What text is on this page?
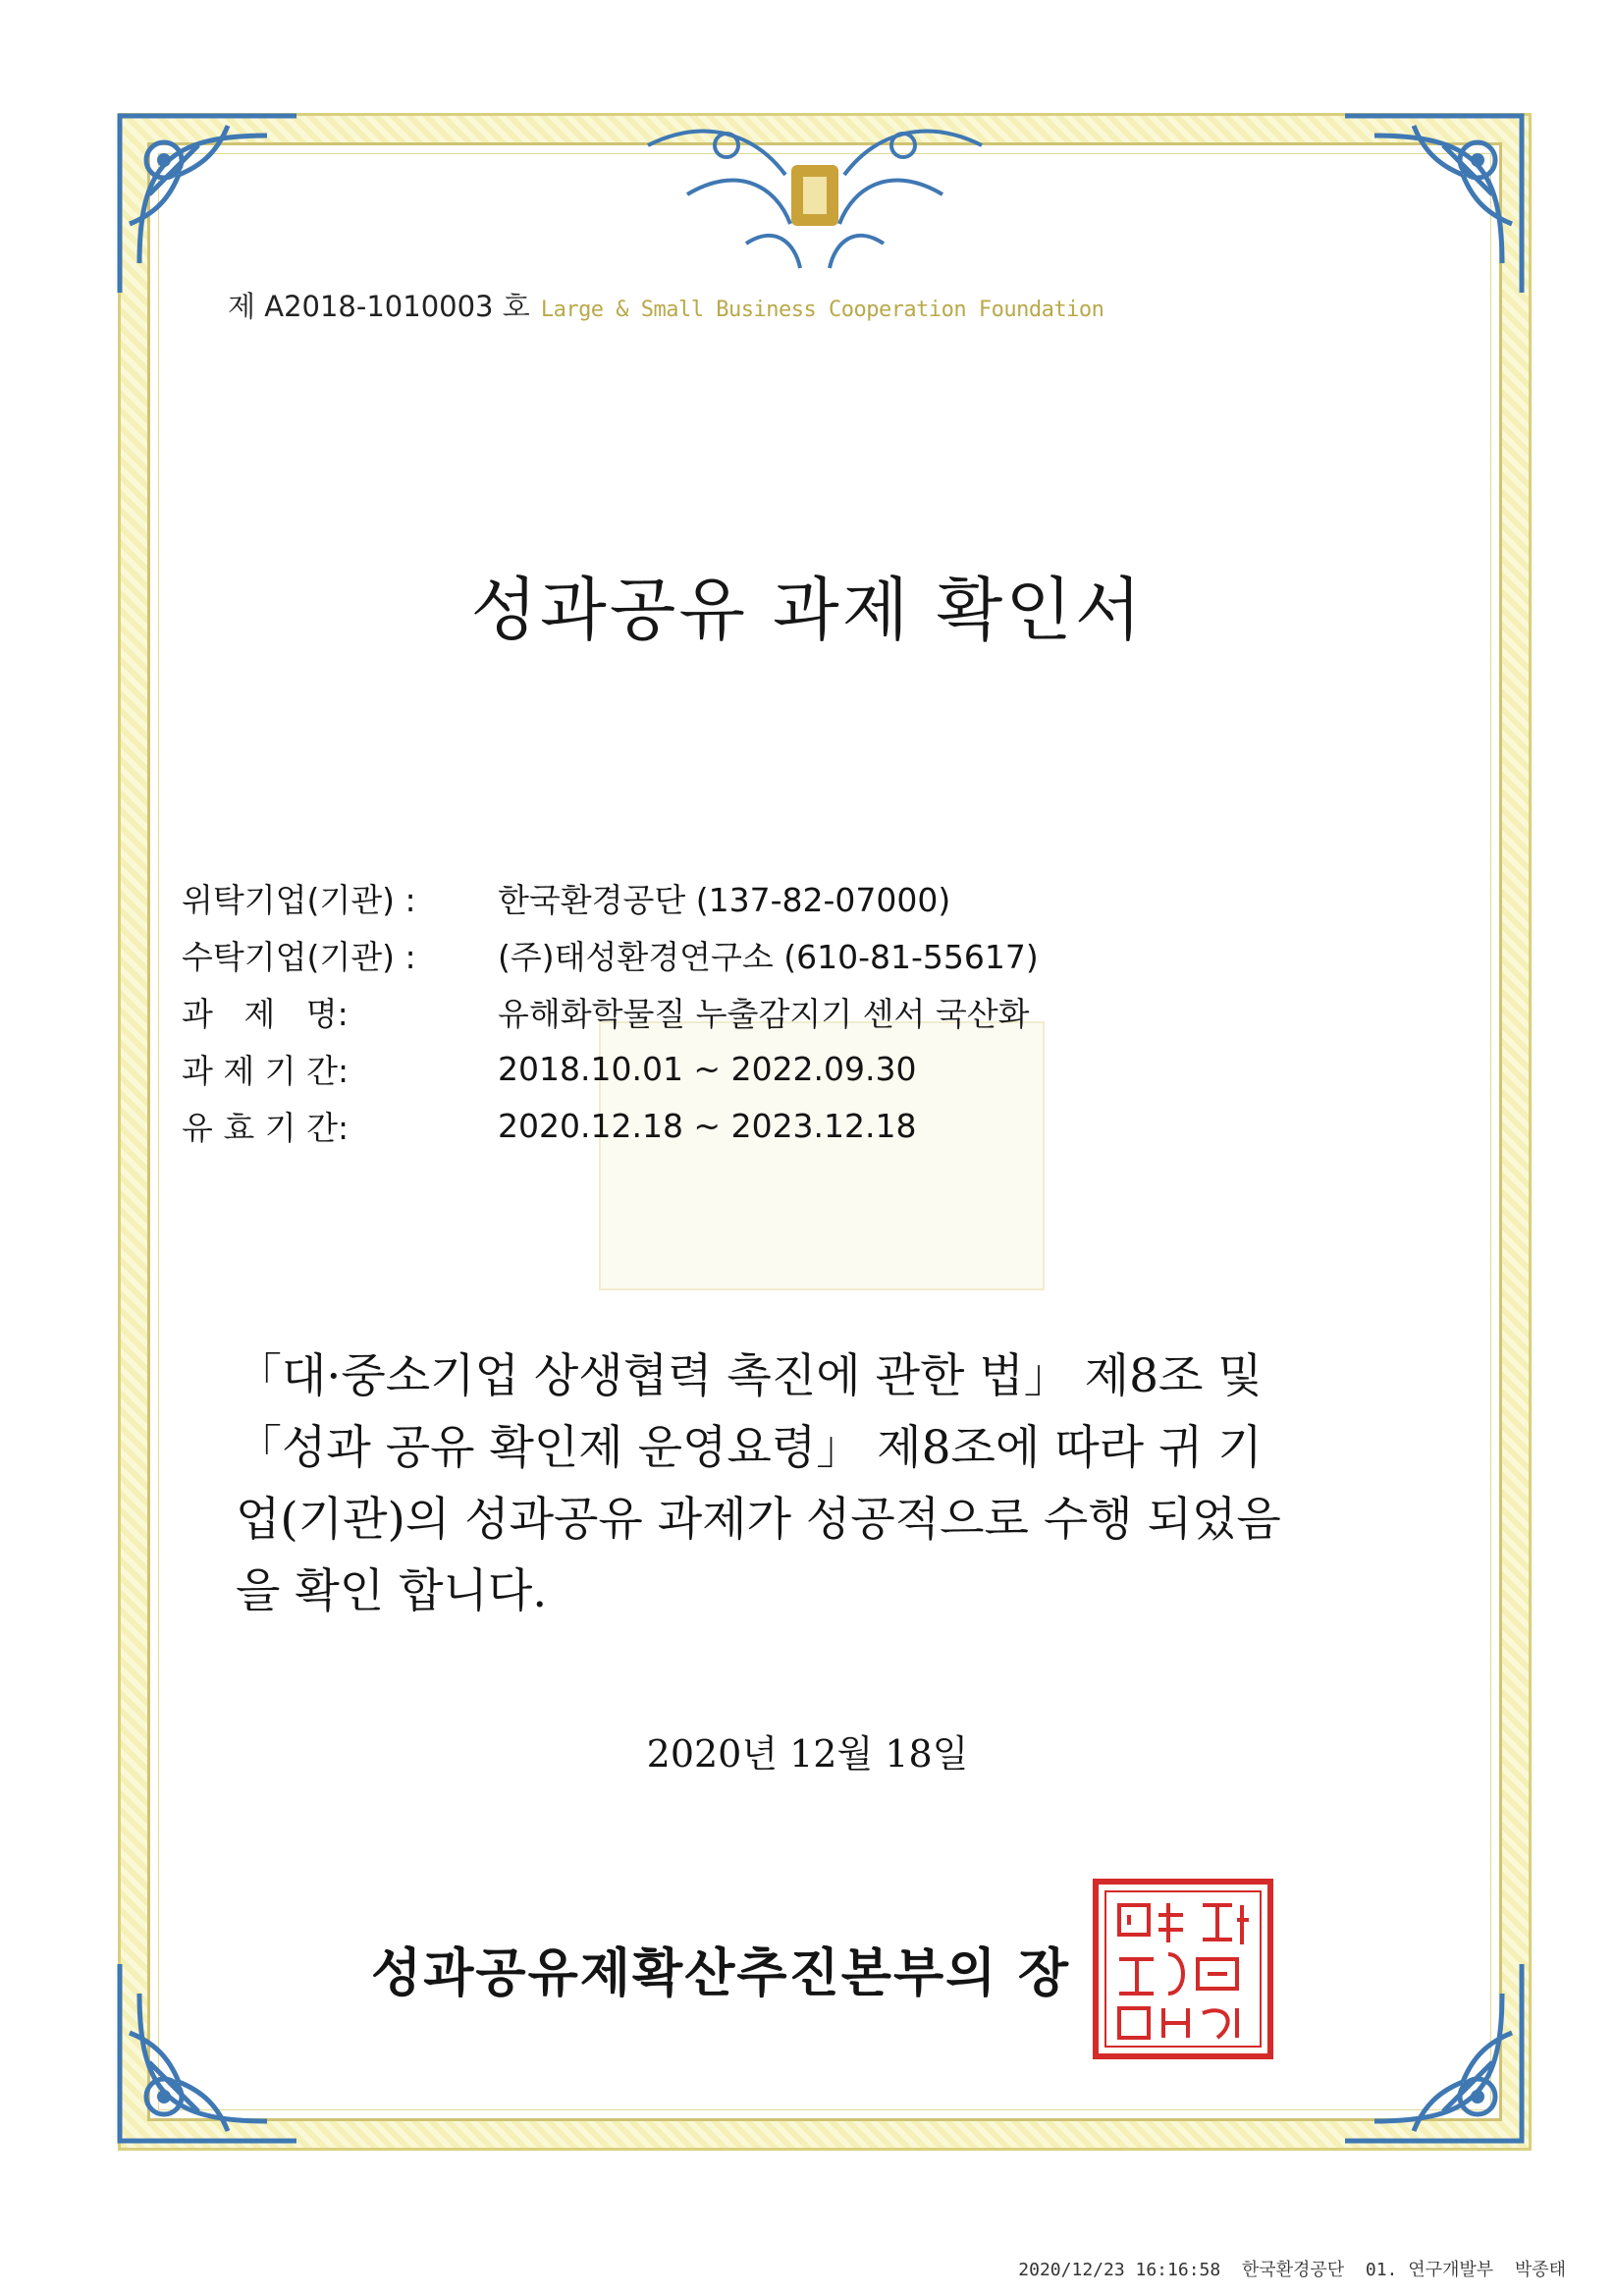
제 A2018-1010003 호 Large & Small Business Cooperation Foundation
성과공유 과제 확인서
위탁기업(기관) :	한국환경공단 (137-82-07000)
수탁기업(기관) :	(주)태성환경연구소 (610-81-55617)
과   제   명:	유해화학물질 누출감지기 센서 국산화
과 제 기 간:	2018.10.01 ~ 2022.09.30
유 효 기 간:	2020.12.18 ~ 2023.12.18
「대·중소기업 상생협력 촉진에 관한 법」 제8조 및
「성과 공유 확인제 운영요령」 제8조에 따라 귀 기
업(기관)의 성과공유 과제가 성공적으로 수행 되었음
을 확인 합니다.
2020년 12월 18일
성과공유제확산추진본부의 장
2020/12/23 16:16:58  한국환경공단  01. 연구개발부  박종태
